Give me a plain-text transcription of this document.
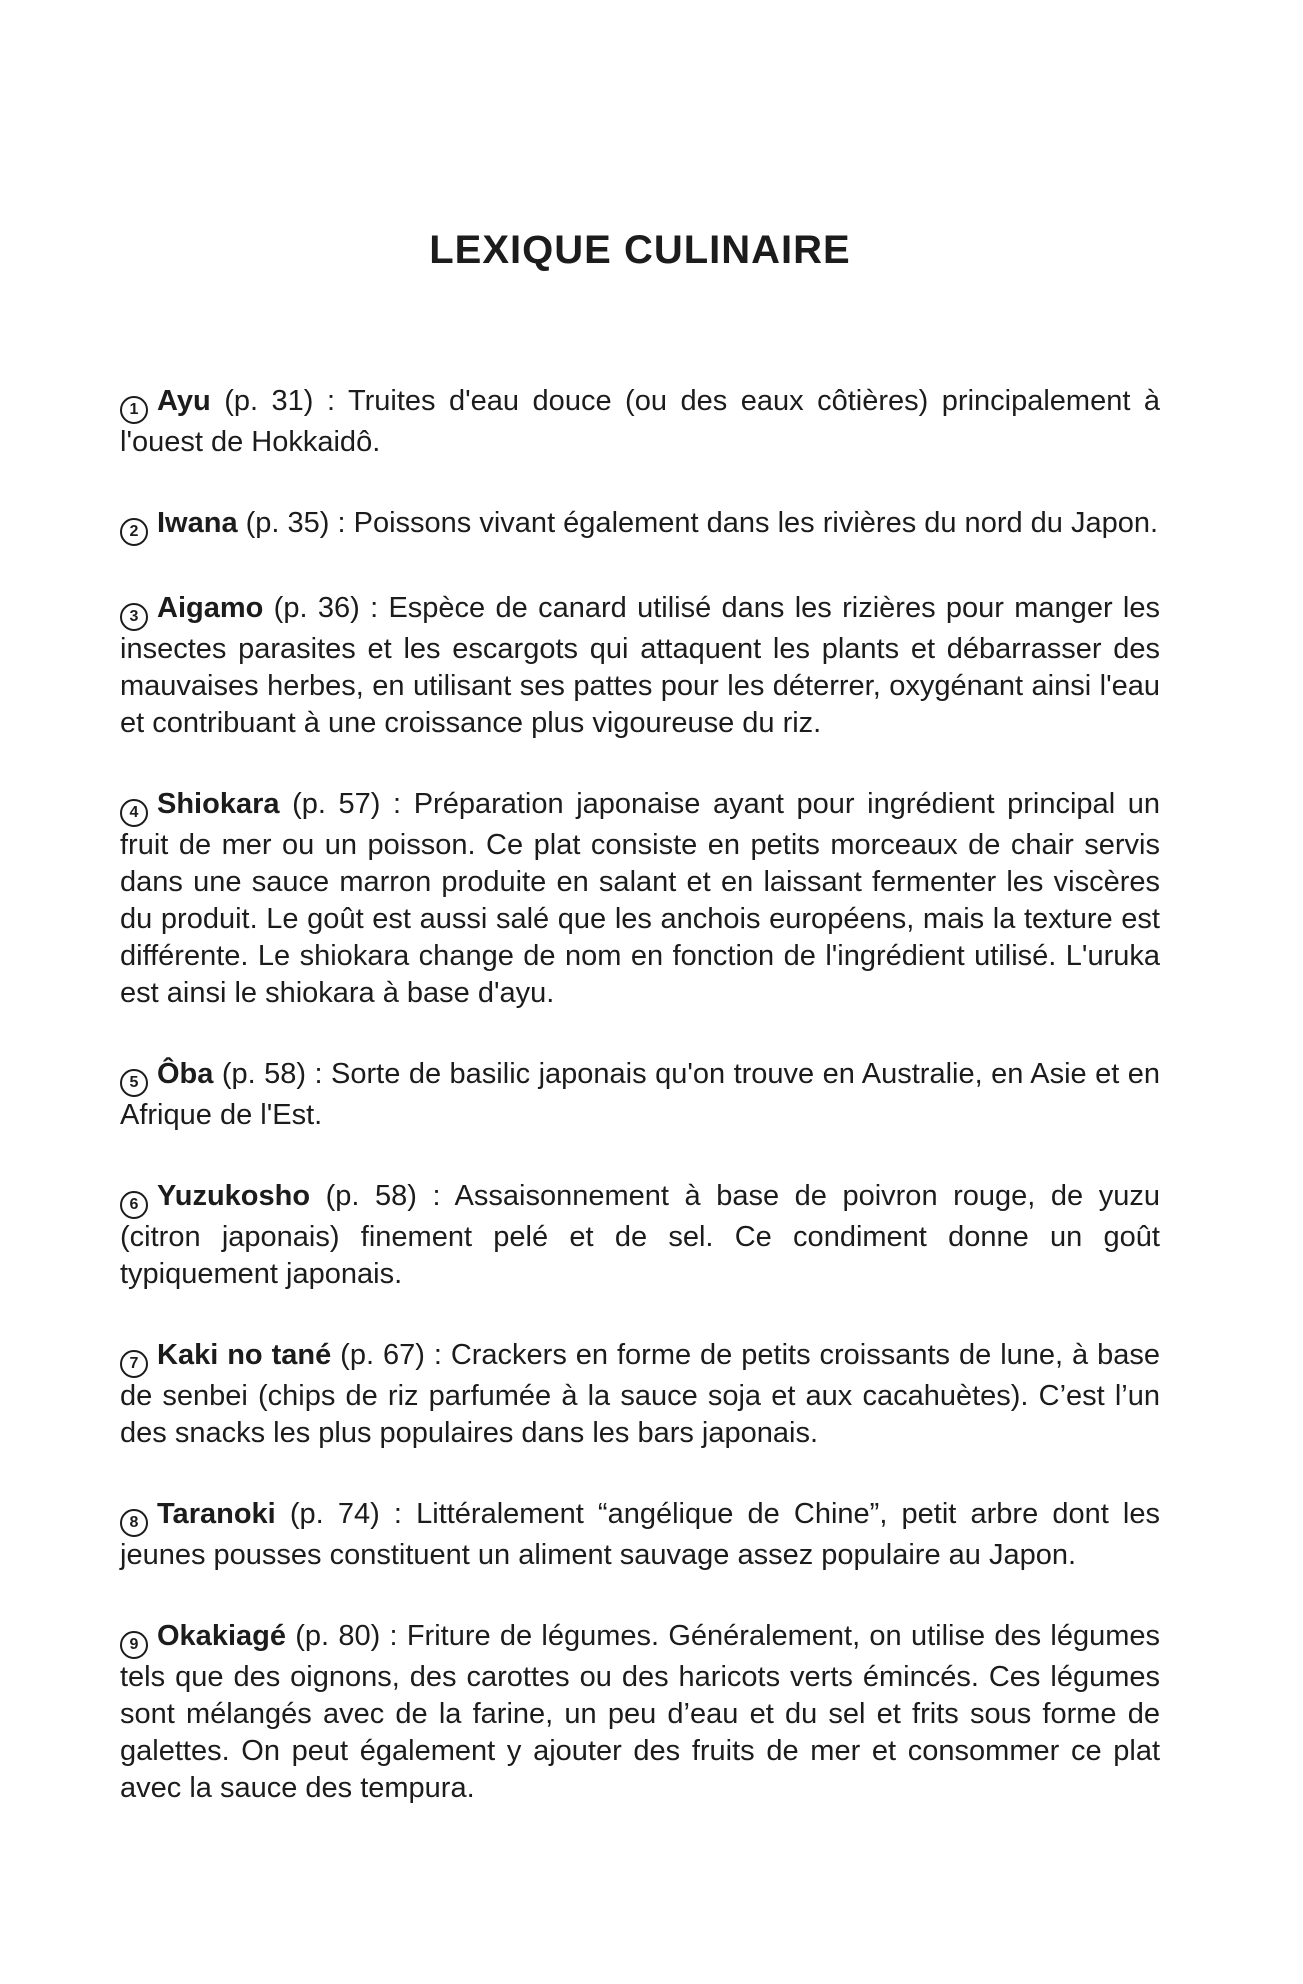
LEXIQUE CULINAIRE

1 Ayu (p. 31) : Truites d'eau douce (ou des eaux côtières) principalement à l'ouest de Hokkaidô.

2 Iwana (p. 35) : Poissons vivant également dans les rivières du nord du Japon.

3 Aigamo (p. 36) : Espèce de canard utilisé dans les rizières pour manger les insectes parasites et les escargots qui attaquent les plants et débarrasser des mauvaises herbes, en utilisant ses pattes pour les déterrer, oxygénant ainsi l'eau et contribuant à une croissance plus vigoureuse du riz.

4 Shiokara (p. 57) : Préparation japonaise ayant pour ingrédient principal un fruit de mer ou un poisson. Ce plat consiste en petits morceaux de chair servis dans une sauce marron produite en salant et en laissant fermenter les viscères du produit. Le goût est aussi salé que les anchois européens, mais la texture est différente. Le shiokara change de nom en fonction de l'ingrédient utilisé. L'uruka est ainsi le shiokara à base d'ayu.

5 Ôba (p. 58) : Sorte de basilic japonais qu'on trouve en Australie, en Asie et en Afrique de l'Est.

6 Yuzukosho (p. 58) : Assaisonnement à base de poivron rouge, de yuzu (citron japonais) finement pelé et de sel. Ce condiment donne un goût typiquement japonais.

7 Kaki no tané (p. 67) : Crackers en forme de petits croissants de lune, à base de senbei (chips de riz parfumée à la sauce soja et aux cacahuètes). C’est l’un des snacks les plus populaires dans les bars japonais.

8 Taranoki (p. 74) : Littéralement “angélique de Chine”, petit arbre dont les jeunes pousses constituent un aliment sauvage assez populaire au Japon.

9 Okakiagé (p. 80) : Friture de légumes. Généralement, on utilise des légumes tels que des oignons, des carottes ou des haricots verts émincés. Ces légumes sont mélangés avec de la farine, un peu d’eau et du sel et frits sous forme de galettes. On peut également y ajouter des fruits de mer et consommer ce plat avec la sauce des tempura.
